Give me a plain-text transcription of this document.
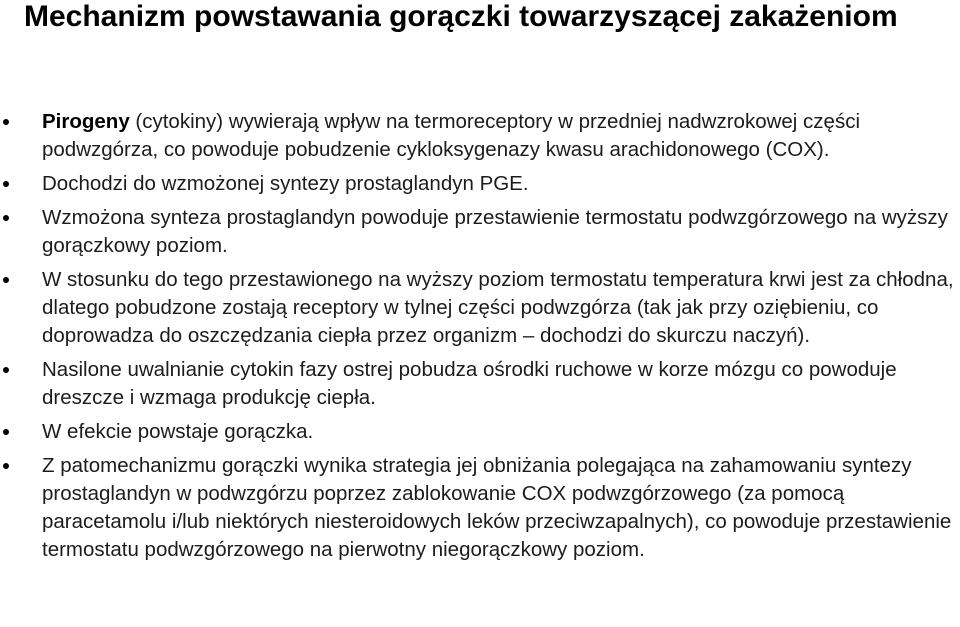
Mechanizm powstawania gorączki towarzyszącej zakażeniom
Pirogeny (cytokiny) wywierają wpływ na termoreceptory w przedniej nadwzrokowej części podwzgórza, co powoduje pobudzenie cykloksygenazy kwasu arachidonowego (COX).
Dochodzi do wzmożonej syntezy prostaglandyn PGE.
Wzmożona synteza prostaglandyn powoduje przestawienie termostatu podwzgórzowego na wyższy gorączkowy poziom.
W stosunku do tego przestawionego na wyższy poziom termostatu temperatura krwi jest za chłodna, dlatego pobudzone zostają receptory w tylnej części podwzgórza (tak jak przy oziębieniu, co doprowadza do oszczędzania ciepła przez organizm – dochodzi do skurczu naczyń).
Nasilone uwalnianie cytokin fazy ostrej pobudza ośrodki ruchowe w korze mózgu co powoduje dreszcze i wzmaga produkcję ciepła.
W efekcie powstaje gorączka.
Z patomechanizmu gorączki wynika strategia jej obniżania polegająca na zahamowaniu syntezy prostaglandyn w podwzgórzu poprzez zablokowanie COX podwzgórzowego (za pomocą paracetamolu i/lub niektórych niesteroidowych leków przeciwzapalnych), co powoduje przestawienie termostatu podwzgórzowego na pierwotny niegorączkowy poziom.
